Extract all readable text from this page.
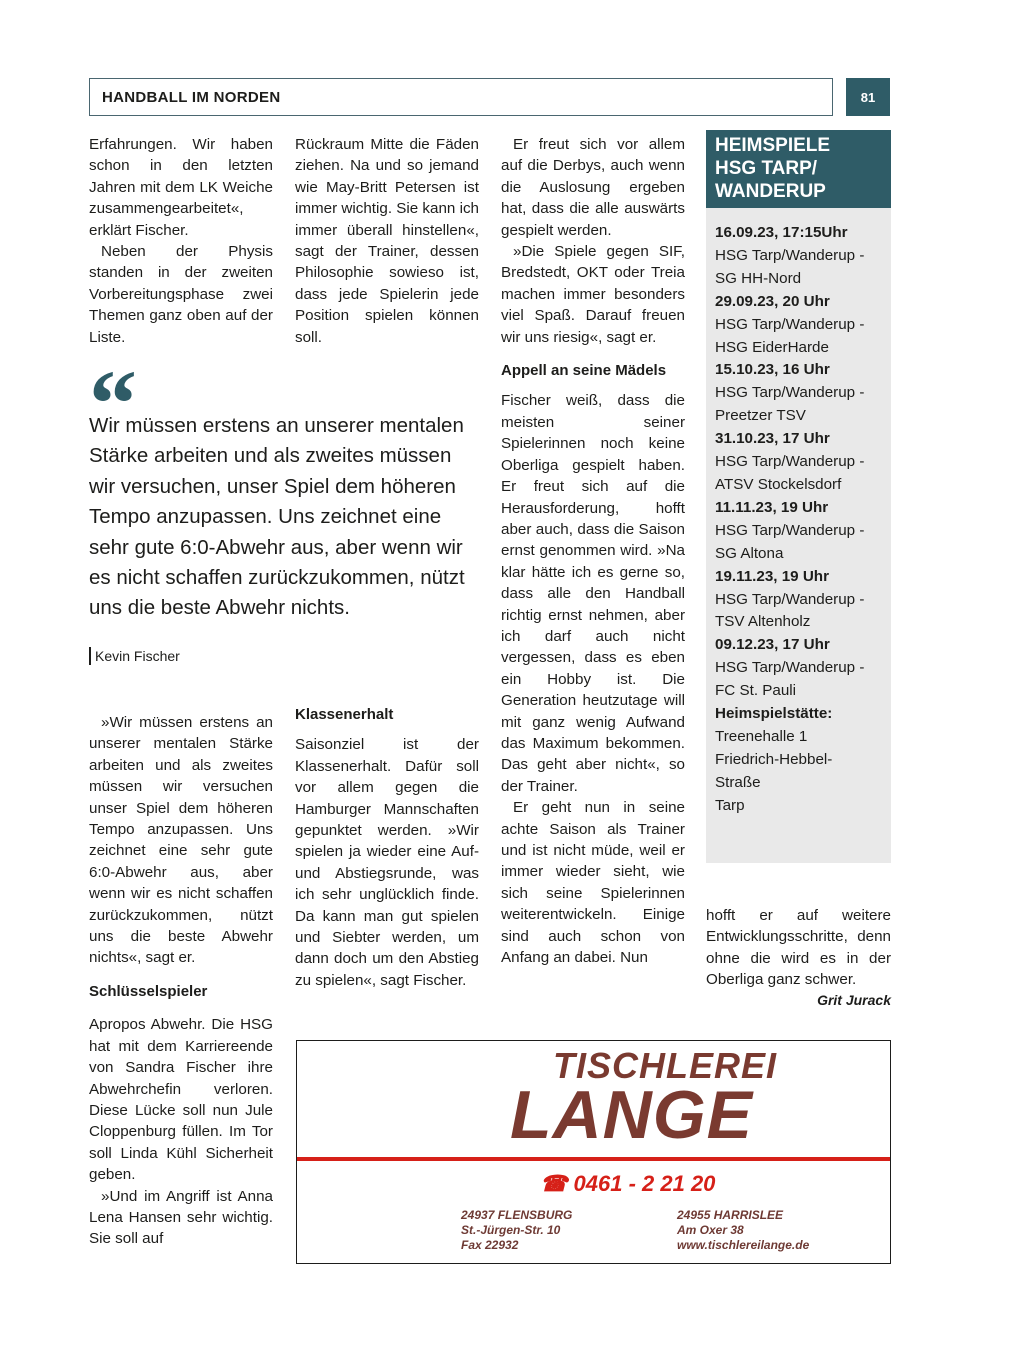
HANDBALL IM NORDEN	81

Erfahrungen. Wir haben schon in den letzten Jahren mit dem LK Weiche zusammengearbeitet«, erklärt Fischer.

Neben der Physis standen in der zweiten Vorbereitungsphase zwei Themen ganz oben auf der Liste.

Rückraum Mitte die Fäden ziehen. Na und so jemand wie May-Britt Petersen ist immer wichtig. Sie kann ich immer überall hinstellen«, sagt der Trainer, dessen Philosophie sowieso ist, dass jede Spielerin jede Position spielen können soll.

“
Wir müssen erstens an unserer mentalen Stärke arbeiten und als zweites müssen wir versuchen, unser Spiel dem höheren Tempo anzupassen. Uns zeichnet eine sehr gute 6:0-Abwehr aus, aber wenn wir es nicht schaffen zurückzukommen, nützt uns die beste Abwehr nichts.
Kevin Fischer

»Wir müssen erstens an unserer mentalen Stärke arbeiten und als zweites müssen wir versuchen unser Spiel dem höheren Tempo anzupassen. Uns zeichnet eine sehr gute 6:0-Abwehr aus, aber wenn wir es nicht schaffen zurückzukommen, nützt uns die beste Abwehr nichts«, sagt er.

Schlüsselspieler

Apropos Abwehr. Die HSG hat mit dem Karriereende von Sandra Fischer ihre Abwehrchefin verloren. Diese Lücke soll nun Jule Cloppenburg füllen. Im Tor soll Linda Kühl Sicherheit geben.

»Und im Angriff ist Anna Lena Hansen sehr wichtig. Sie soll auf

Klassenerhalt

Saisonziel ist der Klassenerhalt. Dafür soll vor allem gegen die Hamburger Mannschaften gepunktet werden. »Wir spielen ja wieder eine Auf- und Abstiegsrunde, was ich sehr unglücklich finde. Da kann man gut spielen und Siebter werden, um dann doch um den Abstieg zu spielen«, sagt Fischer.

Er freut sich vor allem auf die Derbys, auch wenn die Auslosung ergeben hat, dass die alle auswärts gespielt werden.

»Die Spiele gegen SIF, Bredstedt, OKT oder Treia machen immer besonders viel Spaß. Darauf freuen wir uns riesig«, sagt er.

Appell an seine Mädels

Fischer weiß, dass die meisten seiner Spielerinnen noch keine Oberliga gespielt haben. Er freut sich auf die Herausforderung, hofft aber auch, dass die Saison ernst genommen wird. »Na klar hätte ich es gerne so, dass alle den Handball richtig ernst nehmen, aber ich darf auch nicht vergessen, dass es eben ein Hobby ist. Die Generation heutzutage will mit ganz wenig Aufwand das Maximum bekommen. Das geht aber nicht«, so der Trainer.

Er geht nun in seine achte Saison als Trainer und ist nicht müde, weil er immer wieder sieht, wie sich seine Spielerinnen weiterentwickeln. Einige sind auch schon von Anfang an dabei. Nun

HEIMSPIELE
HSG TARP/
WANDERUP
16.09.23, 17:15Uhr
HSG Tarp/Wanderup -
SG HH-Nord
29.09.23, 20 Uhr
HSG Tarp/Wanderup -
HSG EiderHarde
15.10.23, 16 Uhr
HSG Tarp/Wanderup -
Preetzer TSV
31.10.23, 17 Uhr
HSG Tarp/Wanderup -
ATSV Stockelsdorf
11.11.23, 19 Uhr
HSG Tarp/Wanderup -
SG Altona
19.11.23, 19 Uhr
HSG Tarp/Wanderup -
TSV Altenholz
09.12.23, 17 Uhr
HSG Tarp/Wanderup -
FC St. Pauli
Heimspielstätte:
Treenehalle 1
Friedrich-Hebbel-
Straße
Tarp

hofft er auf weitere Entwicklungsschritte, denn ohne die wird es in der Oberliga ganz schwer.

Grit Jurack
TISCHLEREI
LANGE
☎ 0461 - 2 21 20
24937 FLENSBURG
St.-Jürgen-Str. 10
Fax 22932
24955 HARRISLEE
Am Oxer 38
www.tischlereilange.de
